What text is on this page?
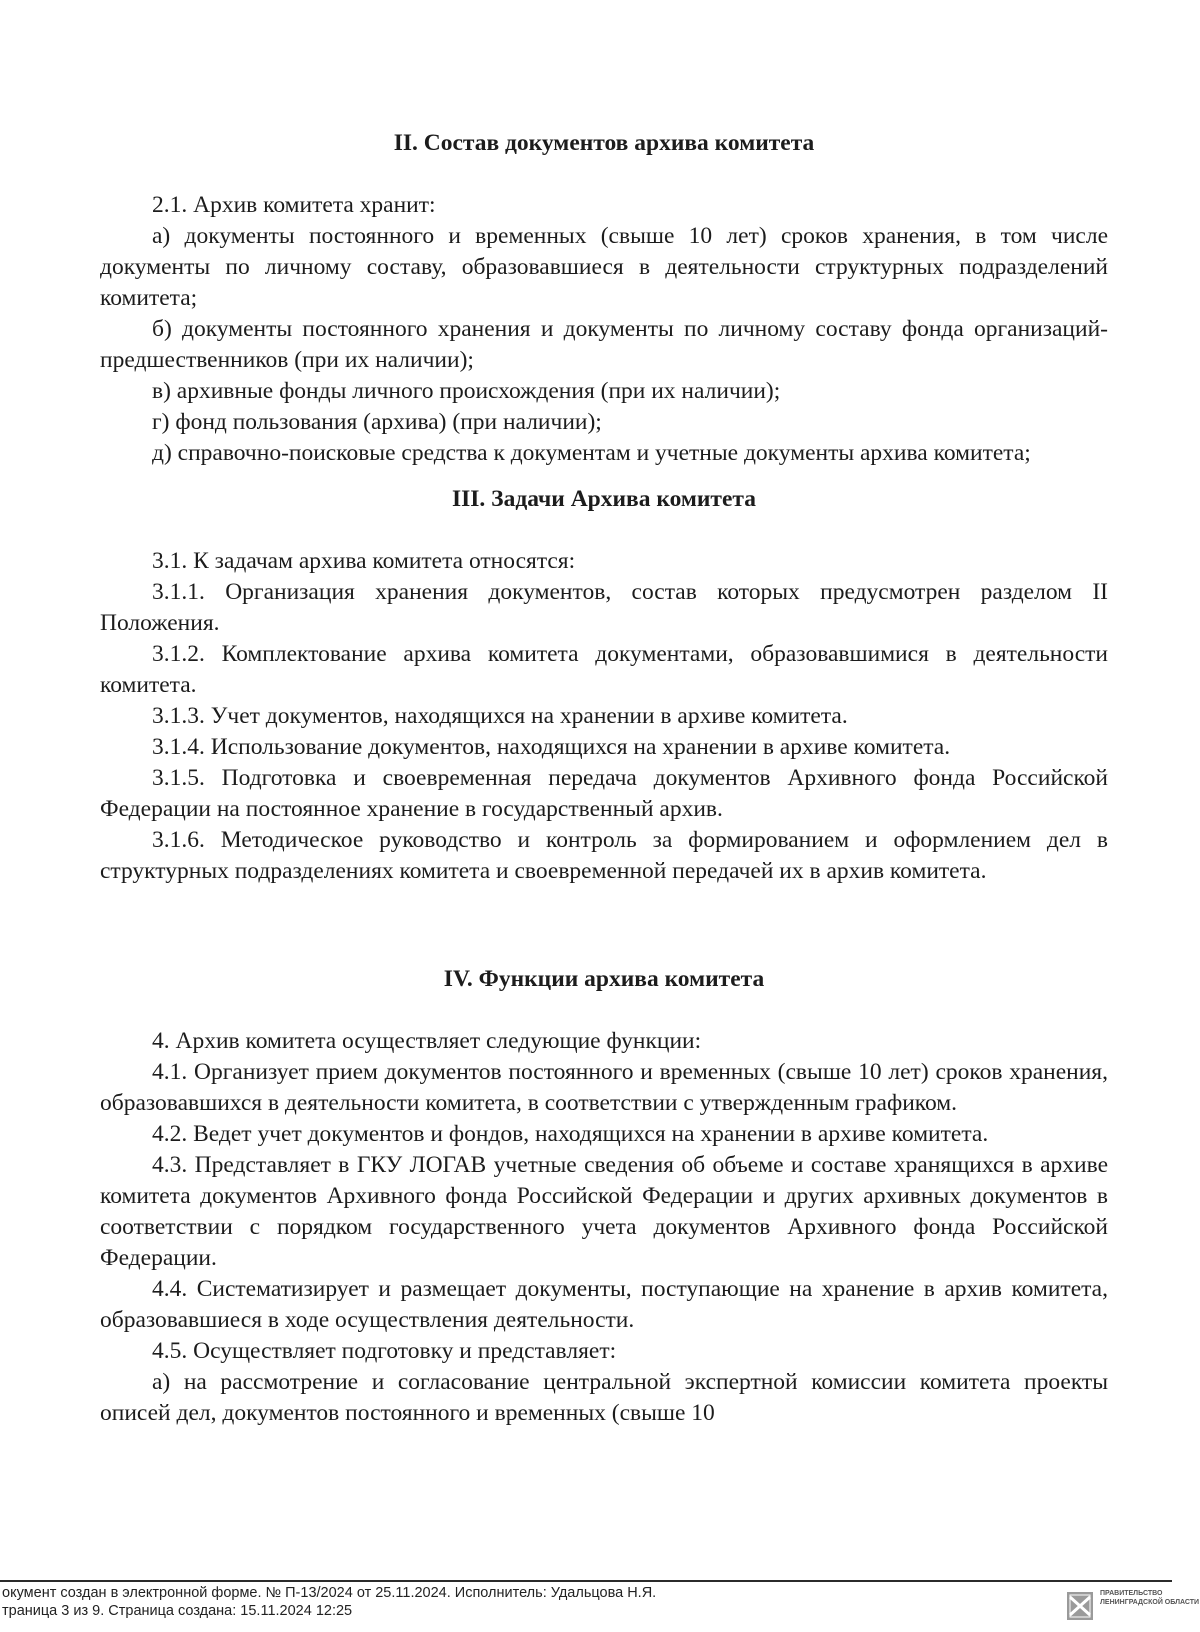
II. Состав документов архива комитета

2.1. Архив комитета хранит:

а) документы постоянного и временных (свыше 10 лет) сроков хранения, в том числе документы по личному составу, образовавшиеся в деятельности структурных подразделений комитета;

б) документы постоянного хранения и документы по личному составу фонда организаций-предшественников (при их наличии);

в) архивные фонды личного происхождения (при их наличии);

г) фонд пользования (архива) (при наличии);

д) справочно-поисковые средства к документам и учетные документы архива комитета;

III. Задачи Архива комитета

3.1. К задачам архива комитета относятся:

3.1.1. Организация хранения документов, состав которых предусмотрен разделом II Положения.

3.1.2. Комплектование архива комитета документами, образовавшимися в деятельности комитета.

3.1.3. Учет документов, находящихся на хранении в архиве комитета.

3.1.4. Использование документов, находящихся на хранении в архиве комитета.

3.1.5. Подготовка и своевременная передача документов Архивного фонда Российской Федерации на постоянное хранение в государственный архив.

3.1.6. Методическое руководство и контроль за формированием и оформлением дел в структурных подразделениях комитета и своевременной передачей их в архив комитета.

IV. Функции архива комитета

4. Архив комитета осуществляет следующие функции:

4.1. Организует прием документов постоянного и временных (свыше 10 лет) сроков хранения, образовавшихся в деятельности комитета, в соответствии с утвержденным графиком.

4.2. Ведет учет документов и фондов, находящихся на хранении в архиве комитета.

4.3. Представляет в ГКУ ЛОГАВ учетные сведения об объеме и составе хранящихся в архиве комитета документов Архивного фонда Российской Федерации и других архивных документов в соответствии с порядком государственного учета документов Архивного фонда Российской Федерации.

4.4. Систематизирует и размещает документы, поступающие на хранение в архив комитета, образовавшиеся в ходе осуществления деятельности.

4.5. Осуществляет подготовку и представляет:

а) на рассмотрение и согласование центральной экспертной комиссии комитета проекты описей дел, документов постоянного и временных (свыше 10

окумент создан в электронной форме. № П-13/2024 от 25.11.2024. Исполнитель: Удальцова Н.Я.
траница 3 из 9. Страница создана: 15.11.2024 12:25
ПРАВИТЕЛЬСТВО ЛЕНИНГРАДСКОЙ ОБЛАСТИ
